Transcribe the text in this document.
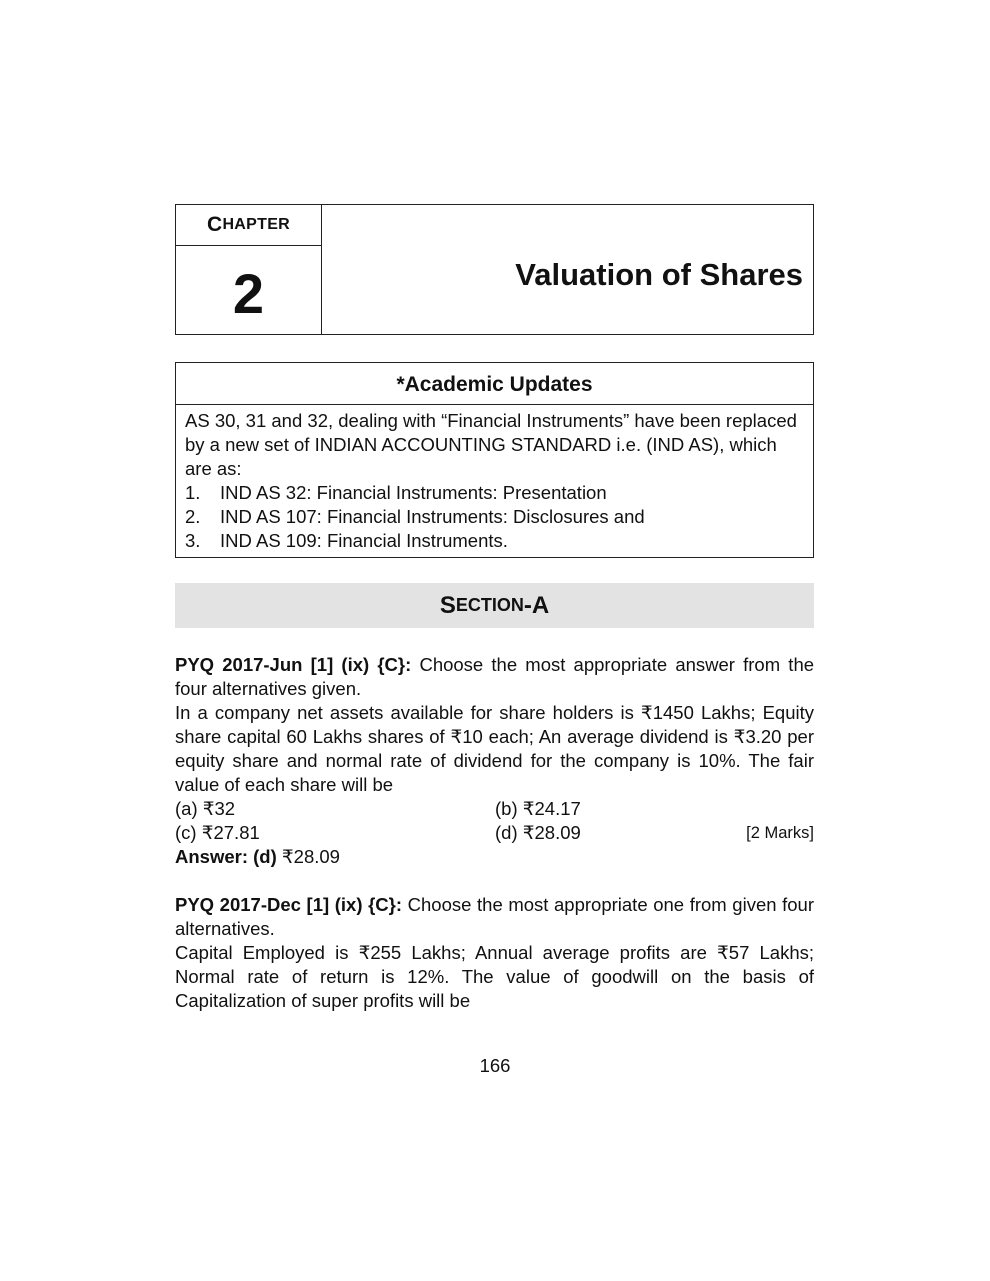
C HAPTER
2	Valuation of Shares
*Academic Updates

AS 30, 31 and 32, dealing with “Financial Instruments” have been replaced by a new set of INDIAN ACCOUNTING STANDARD i.e. (IND AS), which are as:

1.	IND AS 32: Financial Instruments: Presentation
2.	IND AS 107: Financial Instruments: Disclosures and
3.	IND AS 109: Financial Instruments.
S ECTION -A

PYQ 2017-Jun [1] (ix) {C}: Choose the most appropriate answer from the four alternatives given.

In a company net assets available for share holders is ₹1450 Lakhs; Equity share capital 60 Lakhs shares of ₹10 each; An average dividend is ₹3.20 per equity share and normal rate of dividend for the company is 10%. The fair value of each share will be

(a) ₹32	(b) ₹24.17
(c) ₹27.81	(d) ₹28.09	[2 Marks]

Answer: (d) ₹28.09

PYQ 2017-Dec [1] (ix) {C}: Choose the most appropriate one from given four alternatives.

Capital Employed is ₹255 Lakhs; Annual average profits are ₹57 Lakhs; Normal rate of return is 12%. The value of goodwill on the basis of Capitalization of super profits will be

166
